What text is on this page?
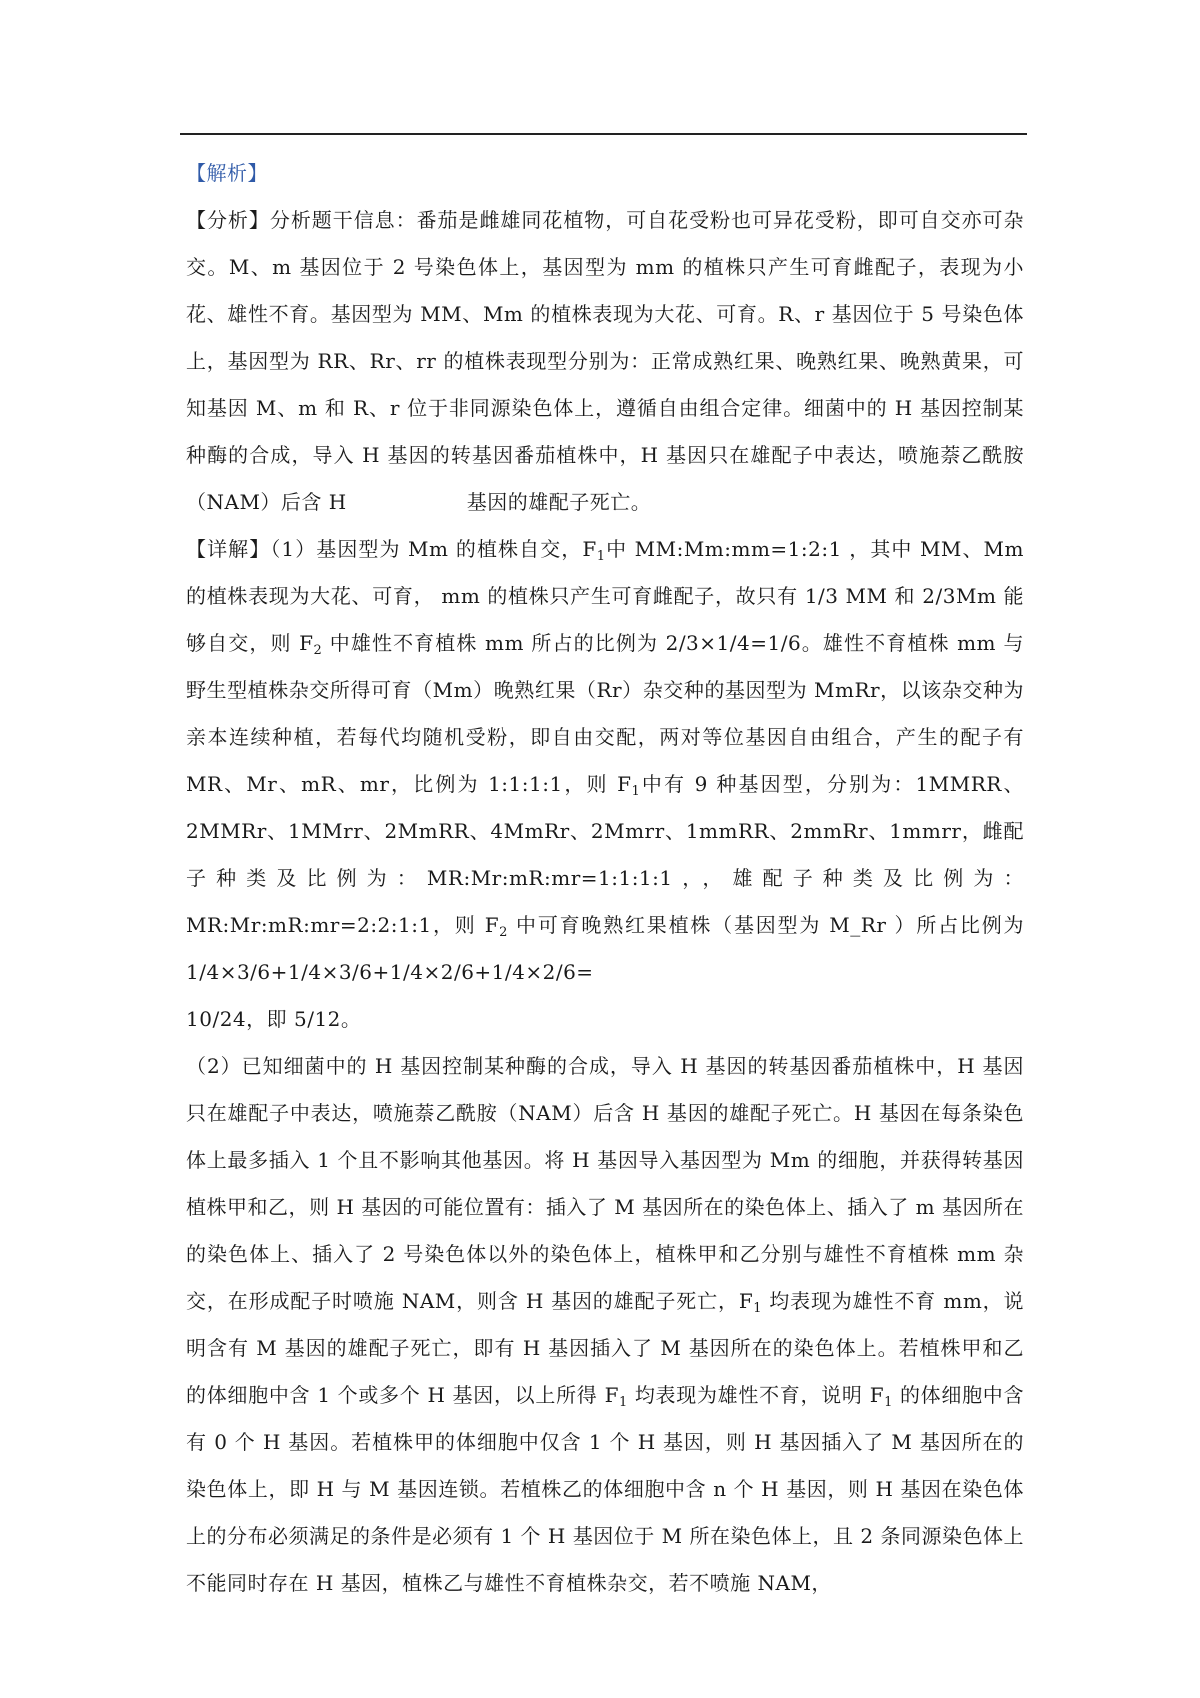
【解析】

【分析】分析题干信息：番茄是雌雄同花植物，可自花受粉也可异花受粉，即可自交亦可杂交。M、m 基因位于 2 号染色体上，基因型为 mm 的植株只产生可育雌配子，表现为小花、雄性不育。基因型为 MM、Mm 的植株表现为大花、可育。R、r 基因位于 5 号染色体上，基因型为 RR、Rr、rr 的植株表现型分别为：正常成熟红果、晚熟红果、晚熟黄果，可知基因 M、m 和 R、r 位于非同源染色体上，遵循自由组合定律。细菌中的 H 基因控制某种酶的合成，导入 H 基因的转基因番茄植株中，H 基因只在雄配子中表达，喷施萘乙酰胺（NAM）后含 H	基因的雄配子死亡。

【详解】（1）基因型为 Mm 的植株自交，$F_1$中 MM:Mm:mm=1:2:1 ，其中 MM、Mm 的植株表现为大花、可育， mm 的植株只产生可育雌配子，故只有 1/3 MM 和 2/3Mm 能够自交，则 $F_2$ 中雄性不育植株 mm 所占的比例为 2/3×1/4=1/6。雄性不育植株 mm 与野生型植株杂交所得可育（Mm）晚熟红果（Rr）杂交种的基因型为 MmRr，以该杂交种为亲本连续种植，若每代均随机受粉，即自由交配，两对等位基因自由组合，产生的配子有 MR、Mr、mR、mr，比例为 1:1:1:1，则 $F_1$中有 9 种基因型，分别为：1MMRR、2MMRr、1MMrr、2MmRR、4MmRr、2Mmrr、1mmRR、2mmRr、1mmrr，雌配子种类及比例为：MR:Mr:mR:mr=1:1:1:1，，雄配子种类及比例为：MR:Mr:mR:mr=2:2:1:1，则 $F_2$ 中可育晚熟红果植株（基因型为 M_Rr ）所占比例为 1/4×3/6+1/4×3/6+1/4×2/6+1/4×2/6=

10/24，即 5/12。

（2）已知细菌中的 H 基因控制某种酶的合成，导入 H 基因的转基因番茄植株中，H 基因只在雄配子中表达，喷施萘乙酰胺（NAM）后含 H 基因的雄配子死亡。H 基因在每条染色体上最多插入 1 个且不影响其他基因。将 H 基因导入基因型为 Mm 的细胞，并获得转基因植株甲和乙，则 H 基因的可能位置有：插入了 M 基因所在的染色体上、插入了 m 基因所在的染色体上、插入了 2 号染色体以外的染色体上，植株甲和乙分别与雄性不育植株 mm 杂交，在形成配子时喷施 NAM，则含 H 基因的雄配子死亡，$F_1$ 均表现为雄性不育 mm，说明含有 M 基因的雄配子死亡，即有 H 基因插入了 M 基因所在的染色体上。若植株甲和乙的体细胞中含 1 个或多个 H 基因，以上所得 $F_1$ 均表现为雄性不育，说明 $F_1$ 的体细胞中含有 0 个 H 基因。若植株甲的体细胞中仅含 1 个 H 基因，则 H 基因插入了 M 基因所在的染色体上，即 H 与 M 基因连锁。若植株乙的体细胞中含 n 个 H 基因，则 H 基因在染色体上的分布必须满足的条件是必须有 1 个 H 基因位于 M 所在染色体上，且 2 条同源染色体上不能同时存在 H 基因，植株乙与雄性不育植株杂交，若不喷施 NAM，
